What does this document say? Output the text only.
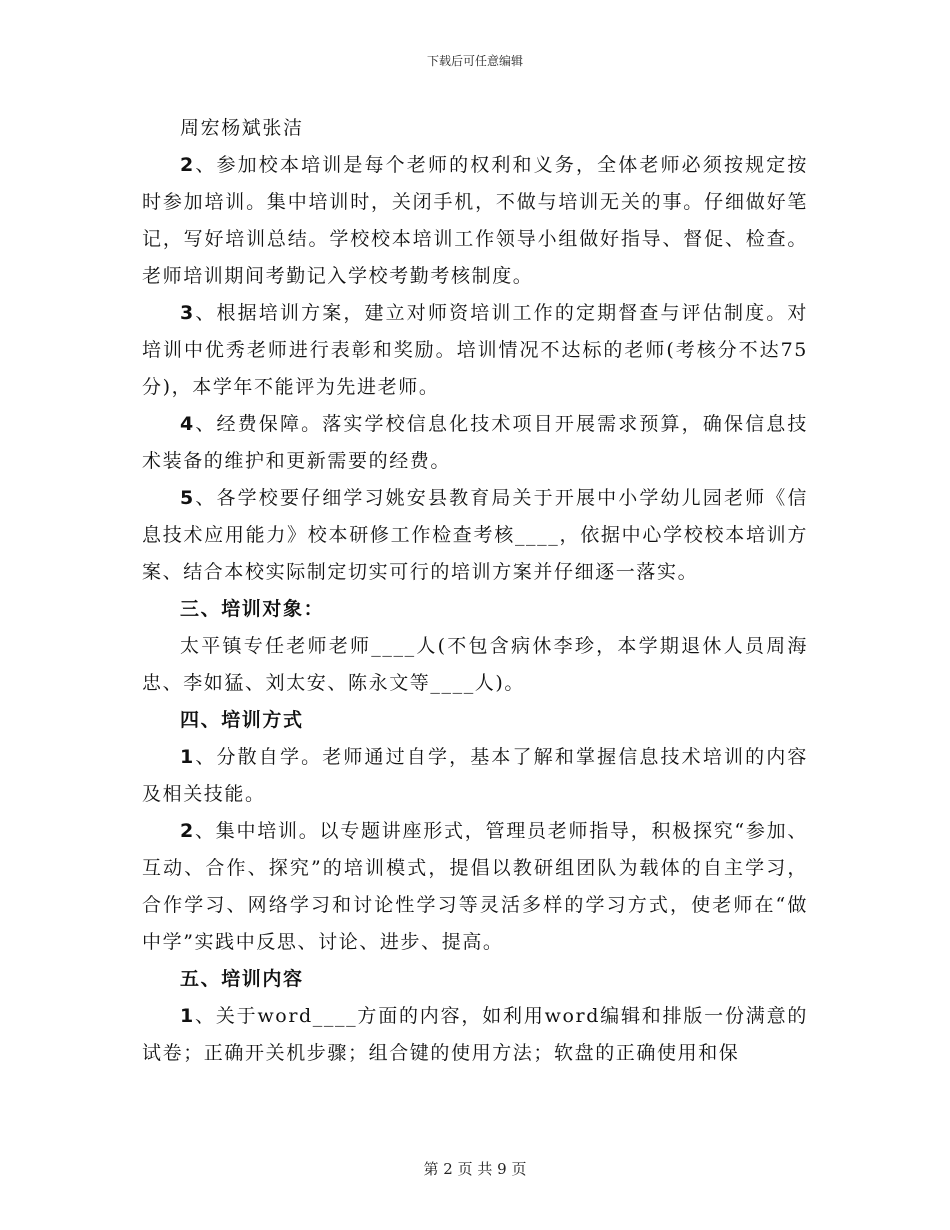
下载后可任意编辑

周宏杨斌张洁

2、参加校本培训是每个老师的权利和义务，全体老师必须按规定按时参加培训。集中培训时，关闭手机，不做与培训无关的事。仔细做好笔记，写好培训总结。学校校本培训工作领导小组做好指导、督促、检查。老师培训期间考勤记入学校考勤考核制度。

3、根据培训方案，建立对师资培训工作的定期督查与评估制度。对培训中优秀老师进行表彰和奖励。培训情况不达标的老师(考核分不达75分)，本学年不能评为先进老师。

4、经费保障。落实学校信息化技术项目开展需求预算，确保信息技术装备的维护和更新需要的经费。

5、各学校要仔细学习姚安县教育局关于开展中小学幼儿园老师《信息技术应用能力》校本研修工作检查考核____，依据中心学校校本培训方案、结合本校实际制定切实可行的培训方案并仔细逐一落实。

三、培训对象：

太平镇专任老师老师____人(不包含病休李珍，本学期退休人员周海忠、李如猛、刘太安、陈永文等____人)。

四、培训方式

1、分散自学。老师通过自学，基本了解和掌握信息技术培训的内容及相关技能。

2、集中培训。以专题讲座形式，管理员老师指导，积极探究“参加、互动、合作、探究”的培训模式，提倡以教研组团队为载体的自主学习，合作学习、网络学习和讨论性学习等灵活多样的学习方式，使老师在“做中学”实践中反思、讨论、进步、提高。

五、培训内容

1、关于word____方面的内容，如利用word编辑和排版一份满意的试卷；正确开关机步骤；组合键的使用方法；软盘的正确使用和保

第 2 页 共 9 页
